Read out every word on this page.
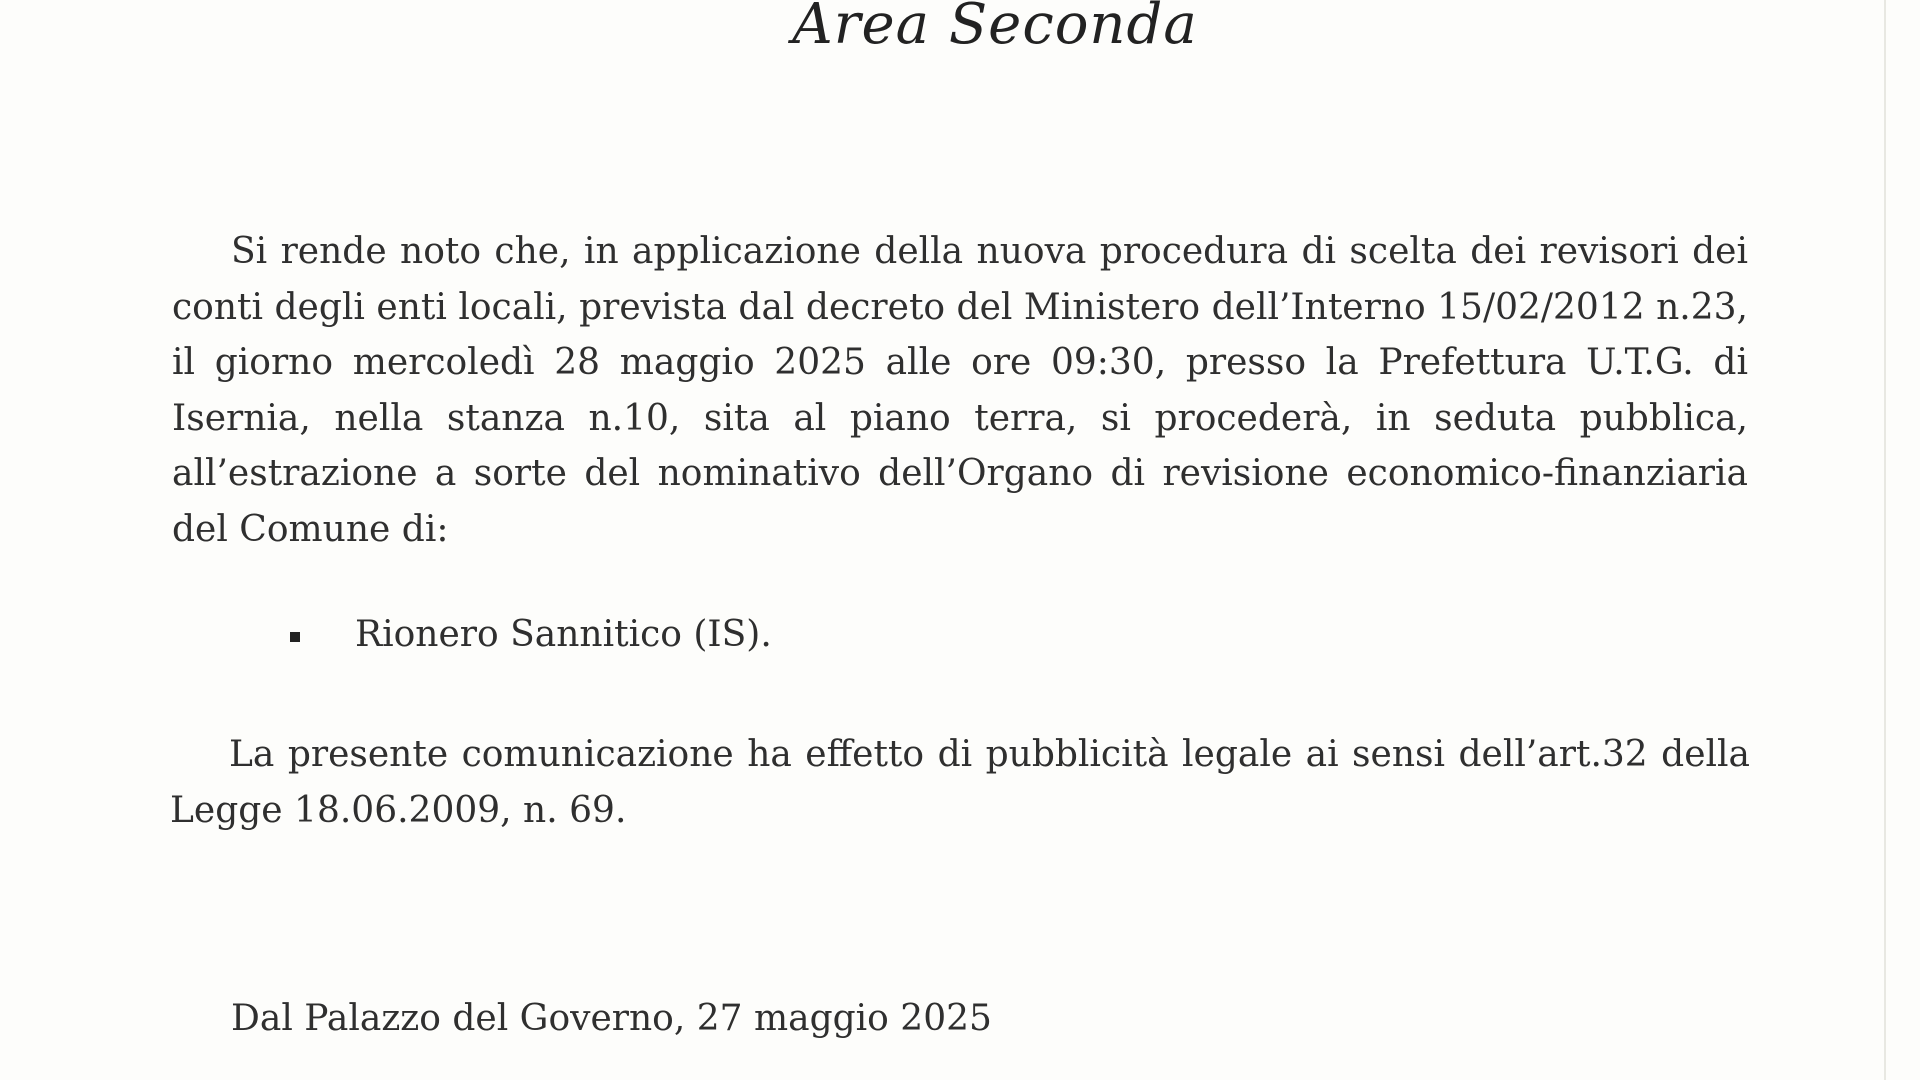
Area Seconda

Si rende noto che, in applicazione della nuova procedura di scelta dei revisori dei conti degli enti locali, prevista dal decreto del Ministero dell’Interno 15/02/2012 n.23, il giorno mercoledì 28 maggio 2025 alle ore 09:30, presso la Prefettura U.T.G. di Isernia, nella stanza n.10, sita al piano terra, si procederà, in seduta pubblica, all’estrazione a sorte del nominativo dell’Organo di revisione economico-finanziaria del Comune di:

Rionero Sannitico (IS).

La presente comunicazione ha effetto di pubblicità legale ai sensi dell’art.32 della Legge 18.06.2009, n. 69.

Dal Palazzo del Governo, 27 maggio 2025
